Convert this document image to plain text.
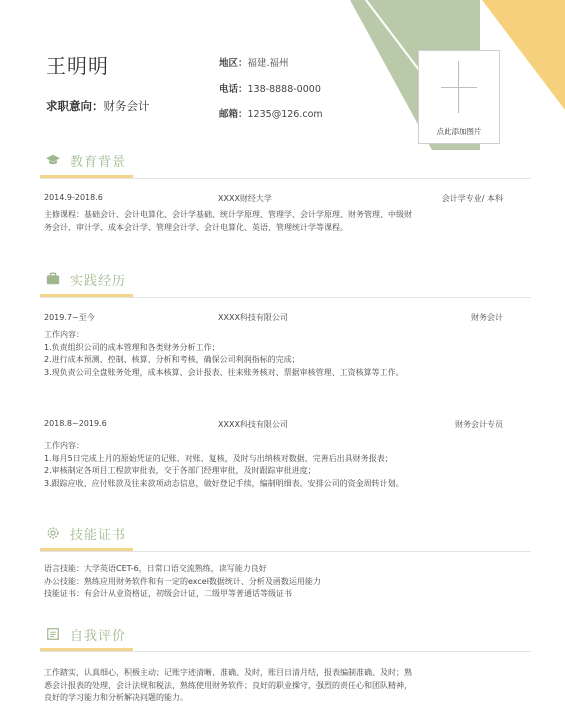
王明明
求职意向：财务会计
地区：福建.福州
电话：138-8888-0000
邮箱：1235@126.com
点此添加图片
教育背景
2014.9-2018.6	XXXX财经大学	会计学专业/ 本科
主修课程：基础会计、会计电算化、会计学基础、统计学原理、管理学、会计学原理、财务管理、中级财
务会计、审计学、成本会计学、管理会计学、会计电算化、英语、管理统计学等课程。
实践经历
2019.7~至今	XXXX科技有限公司	财务会计
工作内容：
1.负责组织公司的成本管理和各类财务分析工作；
2.进行成本预测、控制、核算、分析和考核，确保公司利润指标的完成；
3.现负责公司全盘账务处理，成本核算、会计报表、往来账务核对、票据审核管理、工资核算等工作。
2018.8~2019.6	XXXX科技有限公司	财务会计专员
工作内容：
1.每月5日完成上月的原始凭证的记账、对账、复核，及时与出纳核对数据，完善后出具财务报表；
2.审核制定各项目工程款审批表，交于各部门经理审批，及时跟踪审批进度；
3.跟踪应收、应付账款及往来款项动态信息，做好登记手续，编制明细表。安排公司的资金周转计划。
技能证书
语言技能：大学英语CET-6，日常口语交流熟练，读写能力良好
办公技能：熟练应用财务软件和有一定的excel数据统计、分析及函数运用能力
技能证书：有会计从业资格证，初级会计证，二级甲等普通话等级证书
自我评价
工作踏实，认真细心，积极主动；记账字迹清晰、准确、及时，账目日清月结，报表编制准确、及时；熟
悉会计报表的处理，会计法规和税法，熟练使用财务软件；良好的职业操守，强烈的责任心和团队精神，
良好的学习能力和分析解决问题的能力。
